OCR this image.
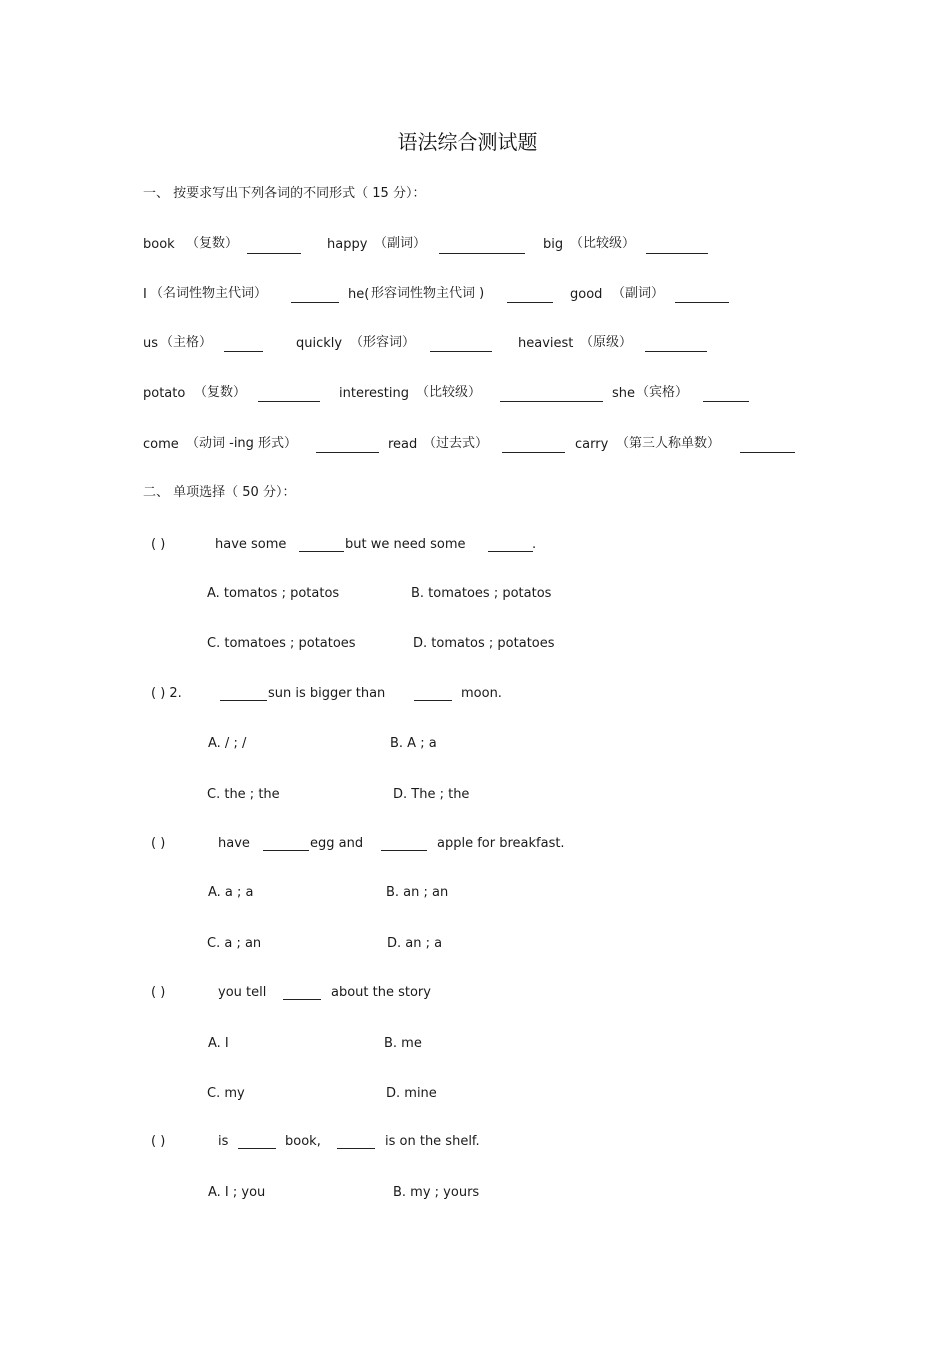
语法综合测试题
一、 按要求写出下列各词的不同形式（ 15 分）：
book （复数）	happy （副词）	big （比较级）
I （名词性物主代词）	he( 形容词性物主代词 )	good （副词）
us （主格）	quickly （形容词）	heaviest （原级）
potato （复数）	interesting （比较级）	she （宾格）
come （动词 -ing 形式）	read （过去式）	carry （第三人称单数）
二、 单项选择（ 50 分）：
( )	have some	but we need some	.
A. tomatos ; potatos	B. tomatoes ; potatos
C. tomatoes ; potatoes	D. tomatos ; potatoes
( ) 2.	sun is bigger than	moon.
A. / ; /	B. A ; a
C. the ; the	D. The ; the
( )	have	egg and	apple for breakfast.
A. a ; a	B. an ; an
C. a ; an	D. an ; a
( )	you tell	about the story
A. I	B. me
C. my	D. mine
( )	is	book,	is on the shelf.
A. I ; you	B. my ; yours
